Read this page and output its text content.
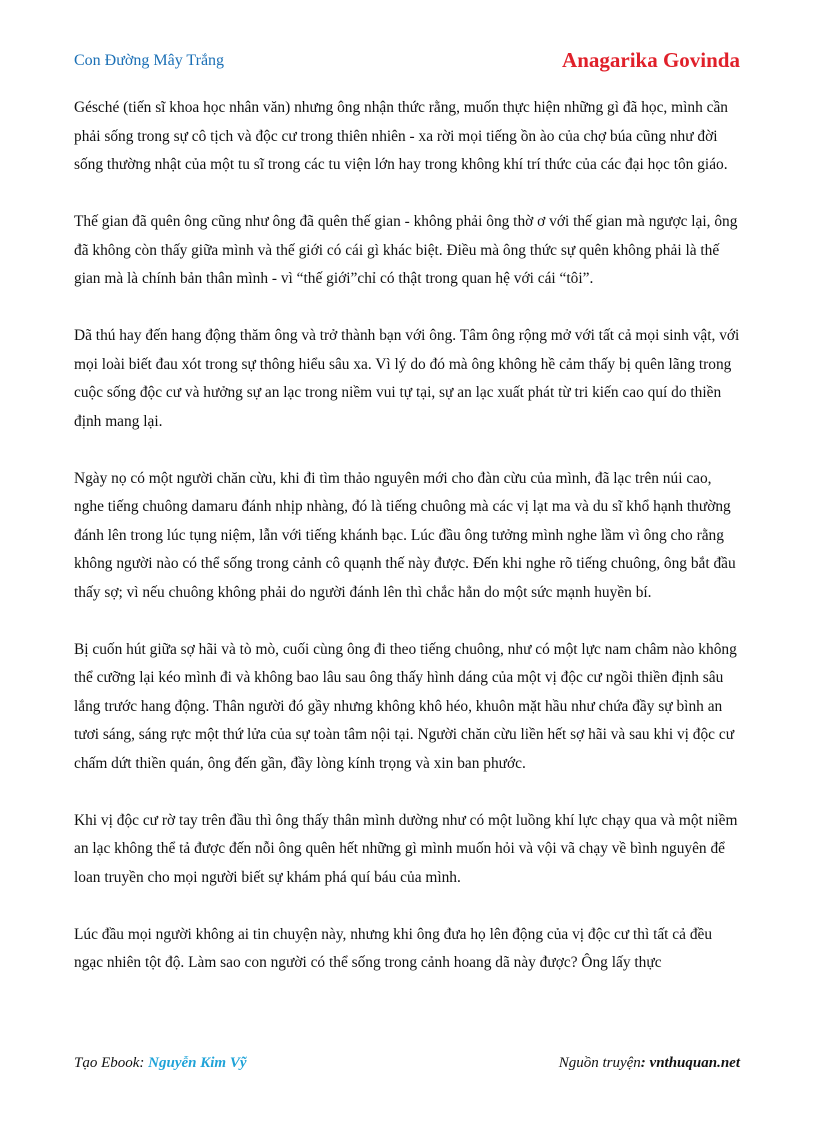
Con Đường Mây Trắng	Anagarika Govinda

Gésché (tiến sĩ khoa học nhân văn) nhưng ông nhận thức rằng, muốn thực hiện những gì đã học, mình cần phải sống trong sự cô tịch và độc cư trong thiên nhiên - xa rời mọi tiếng ồn ào của chợ búa cũng như đời sống thường nhật của một tu sĩ trong các tu viện lớn hay trong không khí trí thức của các đại học tôn giáo.

Thế gian đã quên ông cũng như ông đã quên thế gian - không phải ông thờ ơ với thế gian mà ngược lại, ông đã không còn thấy giữa mình và thế giới có cái gì khác biệt. Điều mà ông thức sự quên không phải là thế gian mà là chính bản thân mình - vì “thế giới”chỉ có thật trong quan hệ với cái “tôi”.

Dã thú hay đến hang động thăm ông và trở thành bạn với ông. Tâm ông rộng mở với tất cả mọi sinh vật, với mọi loài biết đau xót trong sự thông hiểu sâu xa. Vì lý do đó mà ông không hề cảm thấy bị quên lãng trong cuộc sống độc cư và hưởng sự an lạc trong niềm vui tự tại, sự an lạc xuất phát từ tri kiến cao quí do thiền định mang lại.

Ngày nọ có một người chăn cừu, khi đi tìm thảo nguyên mới cho đàn cừu của mình, đã lạc trên núi cao, nghe tiếng chuông damaru đánh nhịp nhàng, đó là tiếng chuông mà các vị lạt ma và du sĩ khổ hạnh thường đánh lên trong lúc tụng niệm, lẫn với tiếng khánh bạc. Lúc đầu ông tưởng mình nghe lầm vì ông cho rằng không người nào có thể sống trong cảnh cô quạnh thế này được. Đến khi nghe rõ tiếng chuông, ông bắt đầu thấy sợ; vì nếu chuông không phải do người đánh lên thì chắc hẳn do một sức mạnh huyền bí.

Bị cuốn hút giữa sợ hãi và tò mò, cuối cùng ông đi theo tiếng chuông, như có một lực nam châm nào không thể cưỡng lại kéo mình đi và không bao lâu sau ông thấy hình dáng của một vị độc cư ngồi thiền định sâu lắng trước hang động. Thân người đó gầy nhưng không khô héo, khuôn mặt hầu như chứa đầy sự bình an tươi sáng, sáng rực một thứ lửa của sự toàn tâm nội tại. Người chăn cừu liền hết sợ hãi và sau khi vị độc cư chấm dứt thiền quán, ông đến gần, đầy lòng kính trọng và xin ban phước.

Khi vị độc cư rờ tay trên đầu thì ông thấy thân mình dường như có một luồng khí lực chạy qua và một niềm an lạc không thể tả được đến nỗi ông quên hết những gì mình muốn hỏi và vội vã chạy về bình nguyên để loan truyền cho mọi người biết sự khám phá quí báu của mình.

Lúc đầu mọi người không ai tin chuyện này, nhưng khi ông đưa họ lên động của vị độc cư thì tất cả đều ngạc nhiên tột độ. Làm sao con người có thể sống trong cảnh hoang dã này được? Ông lấy thực

Tạo Ebook: Nguyễn Kim Vỹ	Nguồn truyện: vnthuquan.net
